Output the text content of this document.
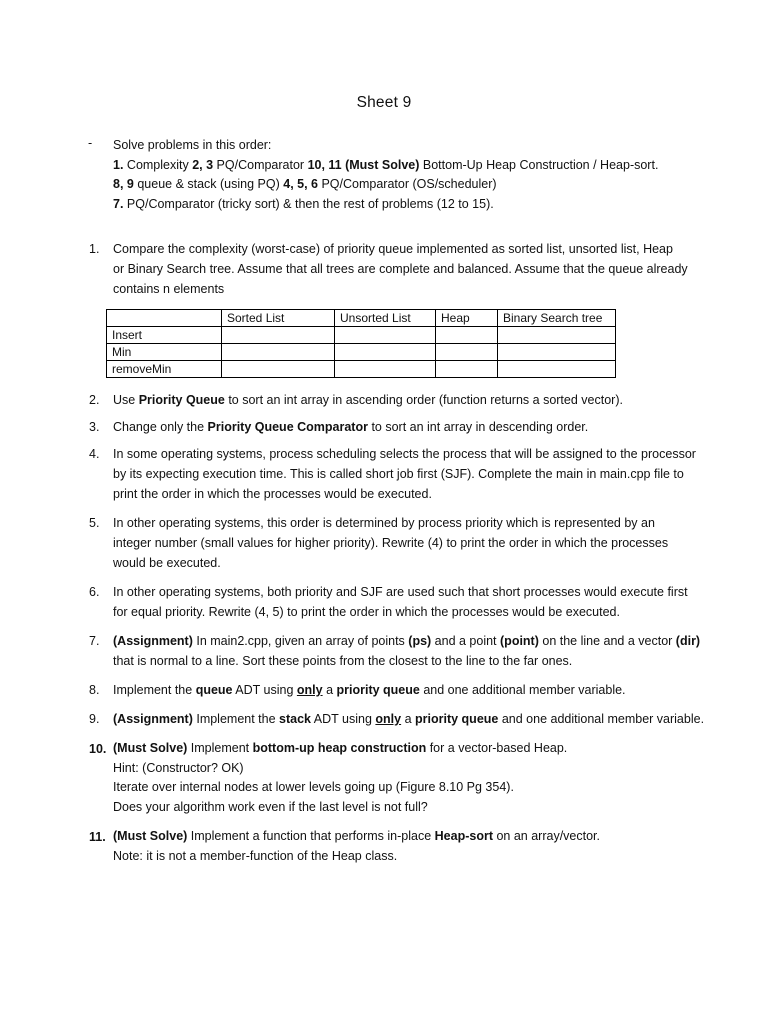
Sheet 9
- Solve problems in this order:
1. Complexity 2, 3 PQ/Comparator 10, 11 (Must Solve) Bottom-Up Heap Construction / Heap-sort.
8, 9 queue & stack (using PQ) 4, 5, 6 PQ/Comparator (OS/scheduler)
7. PQ/Comparator (tricky sort) & then the rest of problems (12 to 15).
1.	Compare the complexity (worst-case) of priority queue implemented as sorted list, unsorted list, Heap
or Binary Search tree. Assume that all trees are complete and balanced. Assume that the queue already
contains n elements
	Sorted List	Unsorted List	Heap	Binary Search tree
Insert				
Min				
removeMin				
2.	Use Priority Queue to sort an int array in ascending order (function returns a sorted vector).
3.	Change only the Priority Queue Comparator to sort an int array in descending order.
4.	In some operating systems, process scheduling selects the process that will be assigned to the processor
by its expecting execution time. This is called short job first (SJF). Complete the main in main.cpp file to
print the order in which the processes would be executed.
5.	In other operating systems, this order is determined by process priority which is represented by an
integer number (small values for higher priority). Rewrite (4) to print the order in which the processes
would be executed.
6.	In other operating systems, both priority and SJF are used such that short processes would execute first
for equal priority. Rewrite (4, 5) to print the order in which the processes would be executed.
7.	(Assignment) In main2.cpp, given an array of points (ps) and a point (point) on the line and a vector (dir)
that is normal to a line. Sort these points from the closest to the line to the far ones.
8.	Implement the queue ADT using only a priority queue and one additional member variable.
9.	(Assignment) Implement the stack ADT using only a priority queue and one additional member variable.
10. (Must Solve) Implement bottom-up heap construction for a vector-based Heap.
Hint: (Constructor? OK)
Iterate over internal nodes at lower levels going up (Figure 8.10 Pg 354).
Does your algorithm work even if the last level is not full?
11. (Must Solve) Implement a function that performs in-place Heap-sort on an array/vector.
Note: it is not a member-function of the Heap class.
